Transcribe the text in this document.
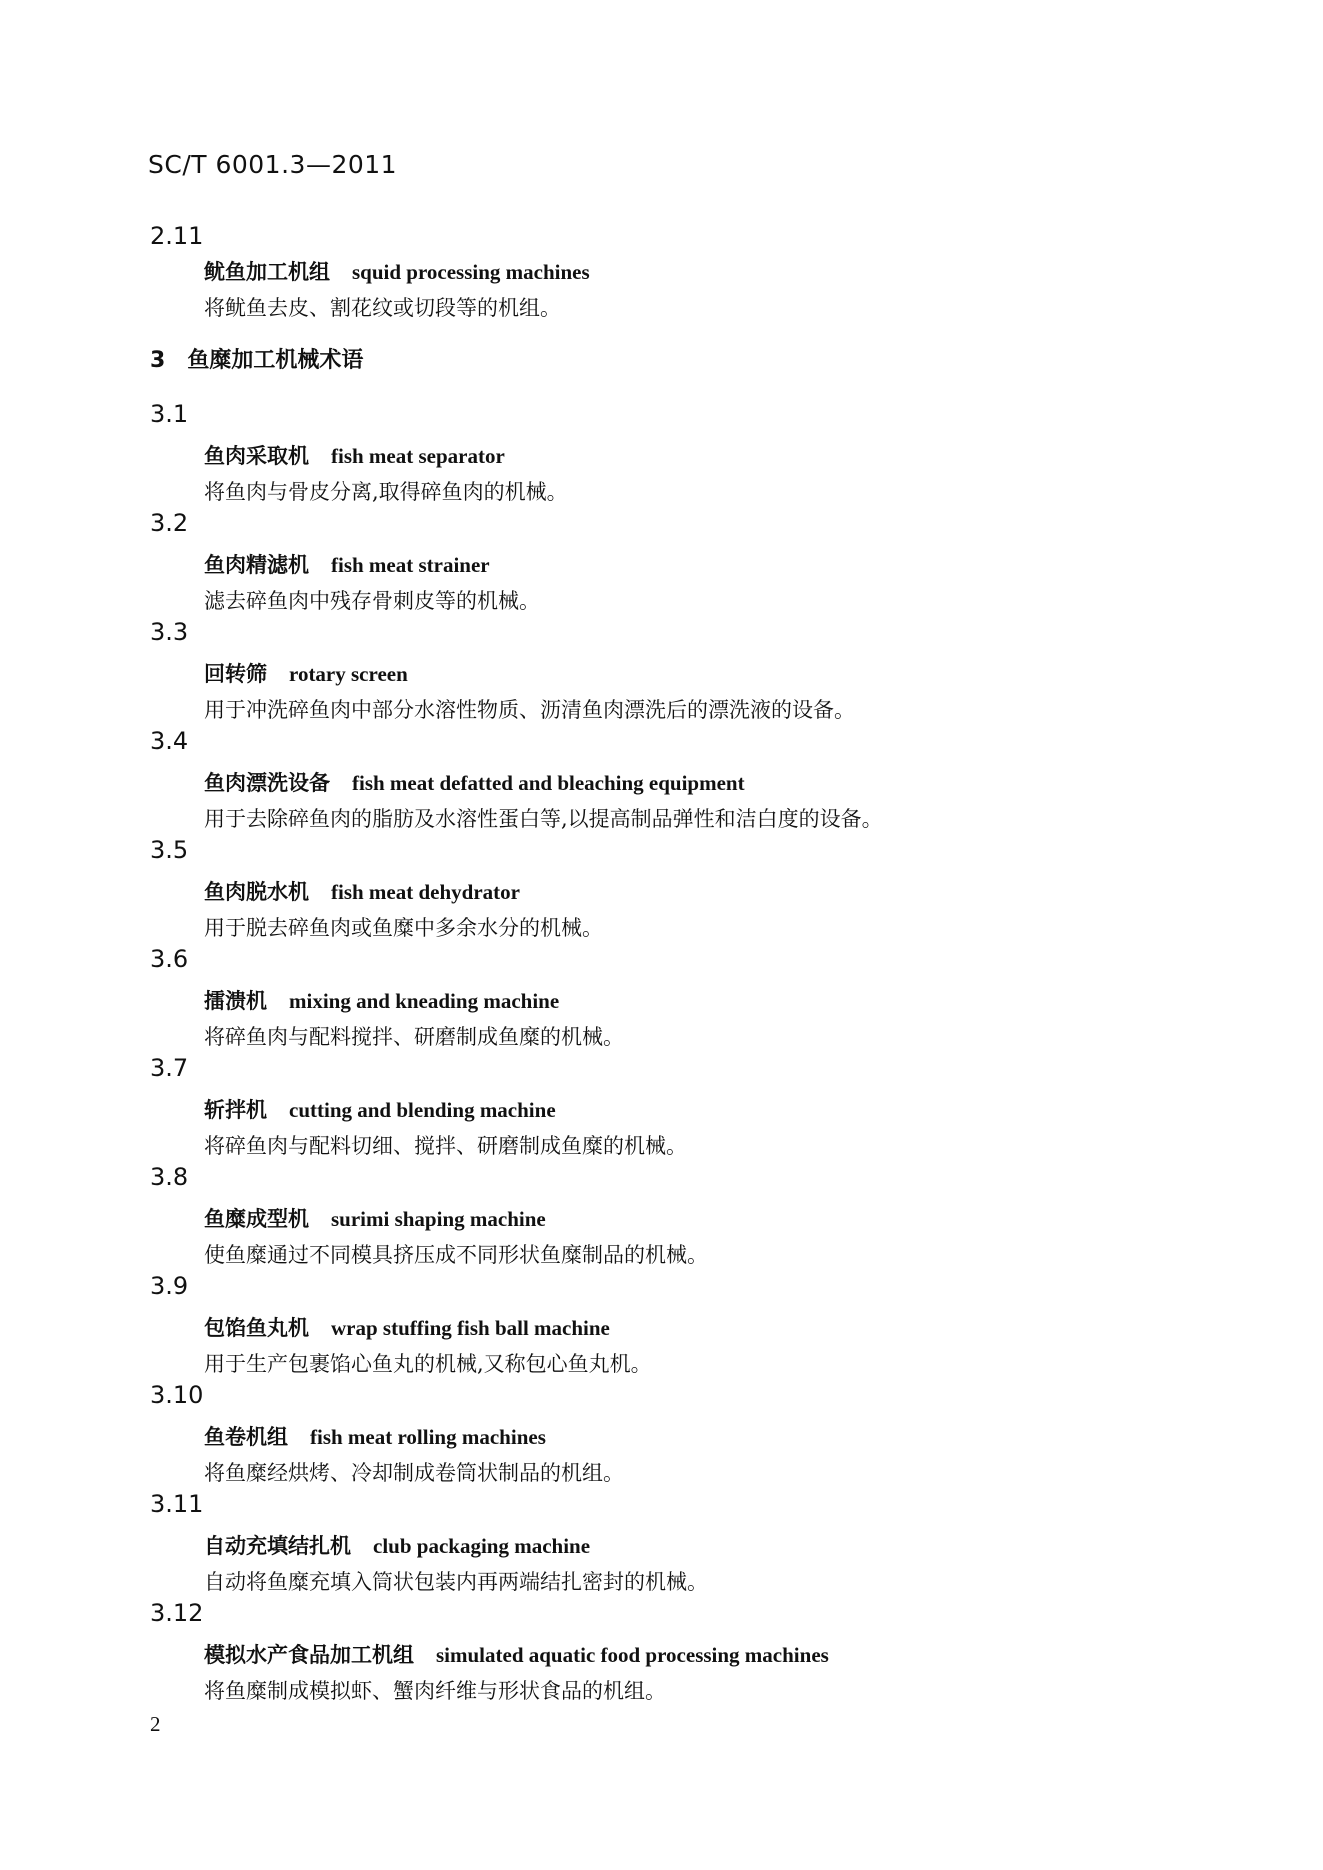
SC/T 6001.3—2011
2.11
鱿鱼加工机组 squid processing machines
将鱿鱼去皮、割花纹或切段等的机组。
3 鱼糜加工机械术语
3.1
鱼肉采取机 fish meat separator
将鱼肉与骨皮分离,取得碎鱼肉的机械。
3.2
鱼肉精滤机 fish meat strainer
滤去碎鱼肉中残存骨刺皮等的机械。
3.3
回转筛 rotary screen
用于冲洗碎鱼肉中部分水溶性物质、沥清鱼肉漂洗后的漂洗液的设备。
3.4
鱼肉漂洗设备 fish meat defatted and bleaching equipment
用于去除碎鱼肉的脂肪及水溶性蛋白等,以提高制品弹性和洁白度的设备。
3.5
鱼肉脱水机 fish meat dehydrator
用于脱去碎鱼肉或鱼糜中多余水分的机械。
3.6
擂溃机 mixing and kneading machine
将碎鱼肉与配料搅拌、研磨制成鱼糜的机械。
3.7
斩拌机 cutting and blending machine
将碎鱼肉与配料切细、搅拌、研磨制成鱼糜的机械。
3.8
鱼糜成型机 surimi shaping machine
使鱼糜通过不同模具挤压成不同形状鱼糜制品的机械。
3.9
包馅鱼丸机 wrap stuffing fish ball machine
用于生产包裹馅心鱼丸的机械,又称包心鱼丸机。
3.10
鱼卷机组 fish meat rolling machines
将鱼糜经烘烤、冷却制成卷筒状制品的机组。
3.11
自动充填结扎机 club packaging machine
自动将鱼糜充填入筒状包装内再两端结扎密封的机械。
3.12
模拟水产食品加工机组 simulated aquatic food processing machines
将鱼糜制成模拟虾、蟹肉纤维与形状食品的机组。
2
